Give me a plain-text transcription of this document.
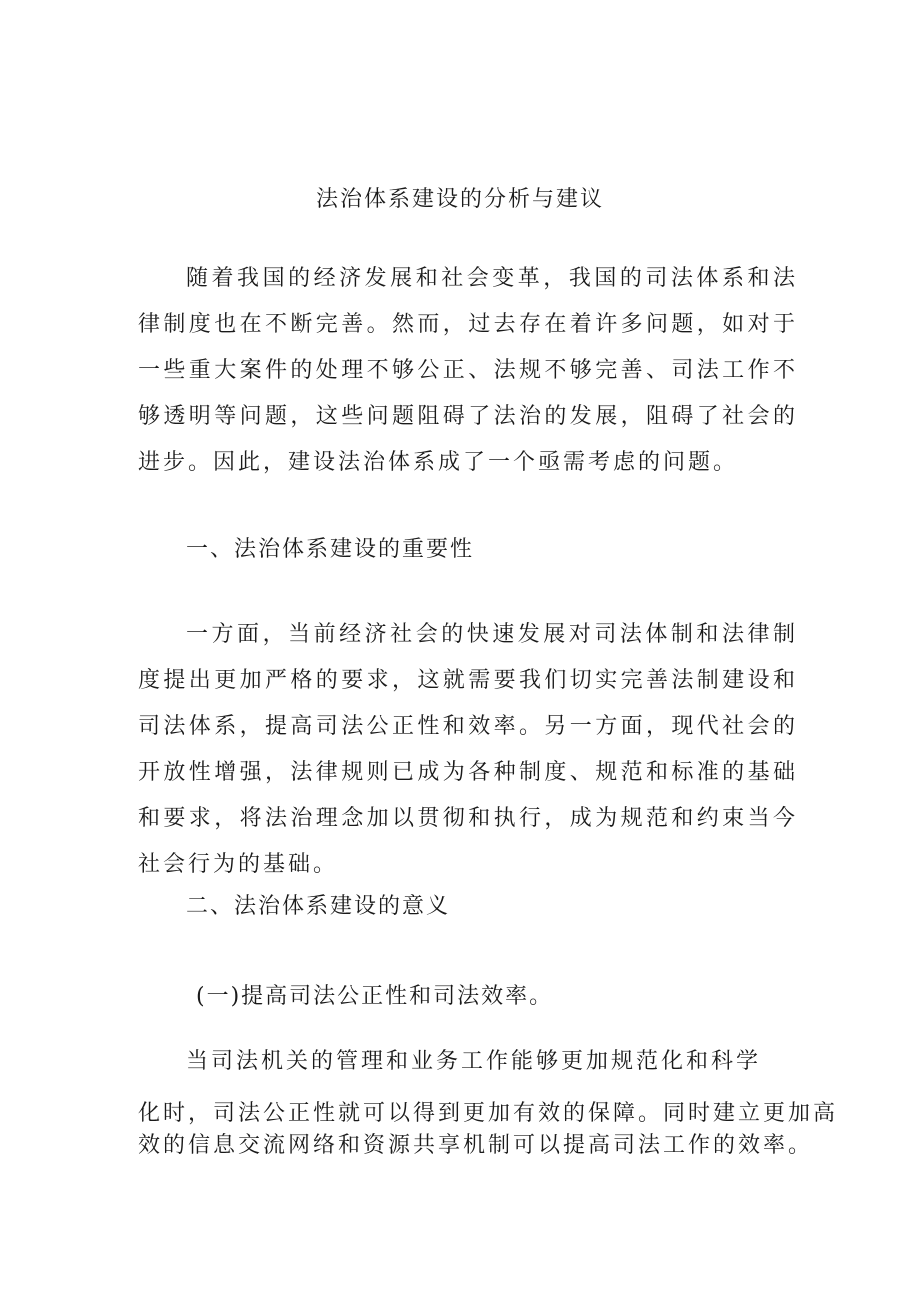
法治体系建设的分析与建议

随着我国的经济发展和社会变革，我国的司法体系和法律制度也在不断完善。然而，过去存在着许多问题，如对于一些重大案件的处理不够公正、法规不够完善、司法工作不够透明等问题，这些问题阻碍了法治的发展，阻碍了社会的进步。因此，建设法治体系成了一个亟需考虑的问题。

一、法治体系建设的重要性

一方面，当前经济社会的快速发展对司法体制和法律制度提出更加严格的要求，这就需要我们切实完善法制建设和司法体系，提高司法公正性和效率。另一方面，现代社会的开放性增强，法律规则已成为各种制度、规范和标准的基础和要求，将法治理念加以贯彻和执行，成为规范和约束当今社会行为的基础。

二、法治体系建设的意义

(一)提高司法公正性和司法效率。

当司法机关的管理和业务工作能够更加规范化和科学

化时，司法公正性就可以得到更加有效的保障。同时建立更加高

效的信息交流网络和资源共享机制可以提高司法工作的效率。
